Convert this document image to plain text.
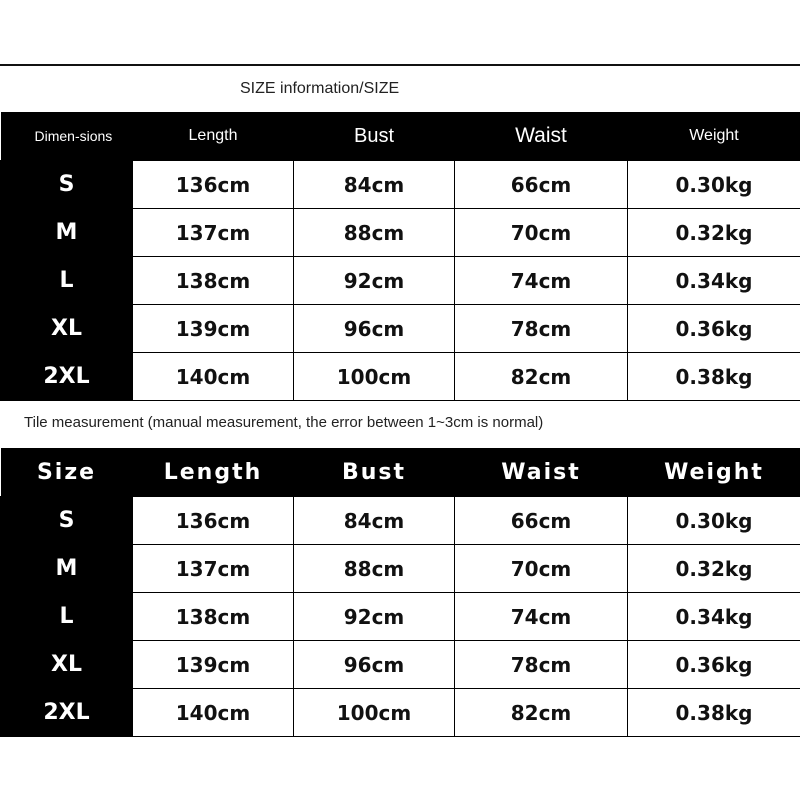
SIZE information/SIZE
Dimen-sions	Length	Bust	Waist	Weight
S	136cm	84cm	66cm	0.30kg
M	137cm	88cm	70cm	0.32kg
L	138cm	92cm	74cm	0.34kg
XL	139cm	96cm	78cm	0.36kg
2XL	140cm	100cm	82cm	0.38kg
Tile measurement (manual measurement, the error between 1~3cm is normal)
Size	Length	Bust	Waist	Weight
S	136cm	84cm	66cm	0.30kg
M	137cm	88cm	70cm	0.32kg
L	138cm	92cm	74cm	0.34kg
XL	139cm	96cm	78cm	0.36kg
2XL	140cm	100cm	82cm	0.38kg
